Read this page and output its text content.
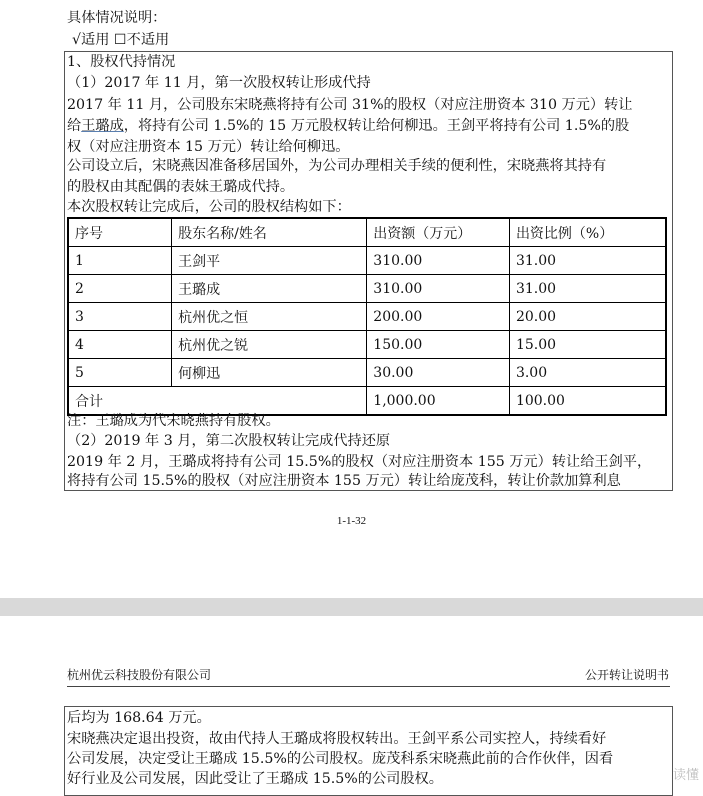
具体情况说明：
√适用 ☐不适用
1、股权代持情况
（1）2017 年 11 月，第一次股权转让形成代持
2017 年 11 月，公司股东宋晓燕将持有公司 31%的股权（对应注册资本 310 万元）转让
给王璐成，将持有公司 1.5%的 15 万元股权转让给何柳迅。王剑平将持有公司 1.5%的股
权（对应注册资本 15 万元）转让给何柳迅。
公司设立后，宋晓燕因准备移居国外，为公司办理相关手续的便利性，宋晓燕将其持有
的股权由其配偶的表妹王璐成代持。
本次股权转让完成后，公司的股权结构如下：
序号	股东名称/姓名	出资额（万元）	出资比例（%）
1	王剑平	310.00	31.00
2	王璐成	310.00	31.00
3	杭州优之恒	200.00	20.00
4	杭州优之锐	150.00	15.00
5	何柳迅	30.00	3.00
合计		1,000.00	100.00
注：王璐成为代宋晓燕持有股权。
（2）2019 年 3 月，第二次股权转让完成代持还原
2019 年 2 月，王璐成将持有公司 15.5%的股权（对应注册资本 155 万元）转让给王剑平，
将持有公司 15.5%的股权（对应注册资本 155 万元）转让给庞茂科，转让价款加算利息
1-1-32
杭州优云科技股份有限公司	公开转让说明书
后均为 168.64 万元。
宋晓燕决定退出投资，故由代持人王璐成将股权转出。王剑平系公司实控人，持续看好
公司发展，决定受让王璐成 15.5%的公司股权。庞茂科系宋晓燕此前的合作伙伴，因看
好行业及公司发展，因此受让了王璐成 15.5%的公司股权。	读懂
